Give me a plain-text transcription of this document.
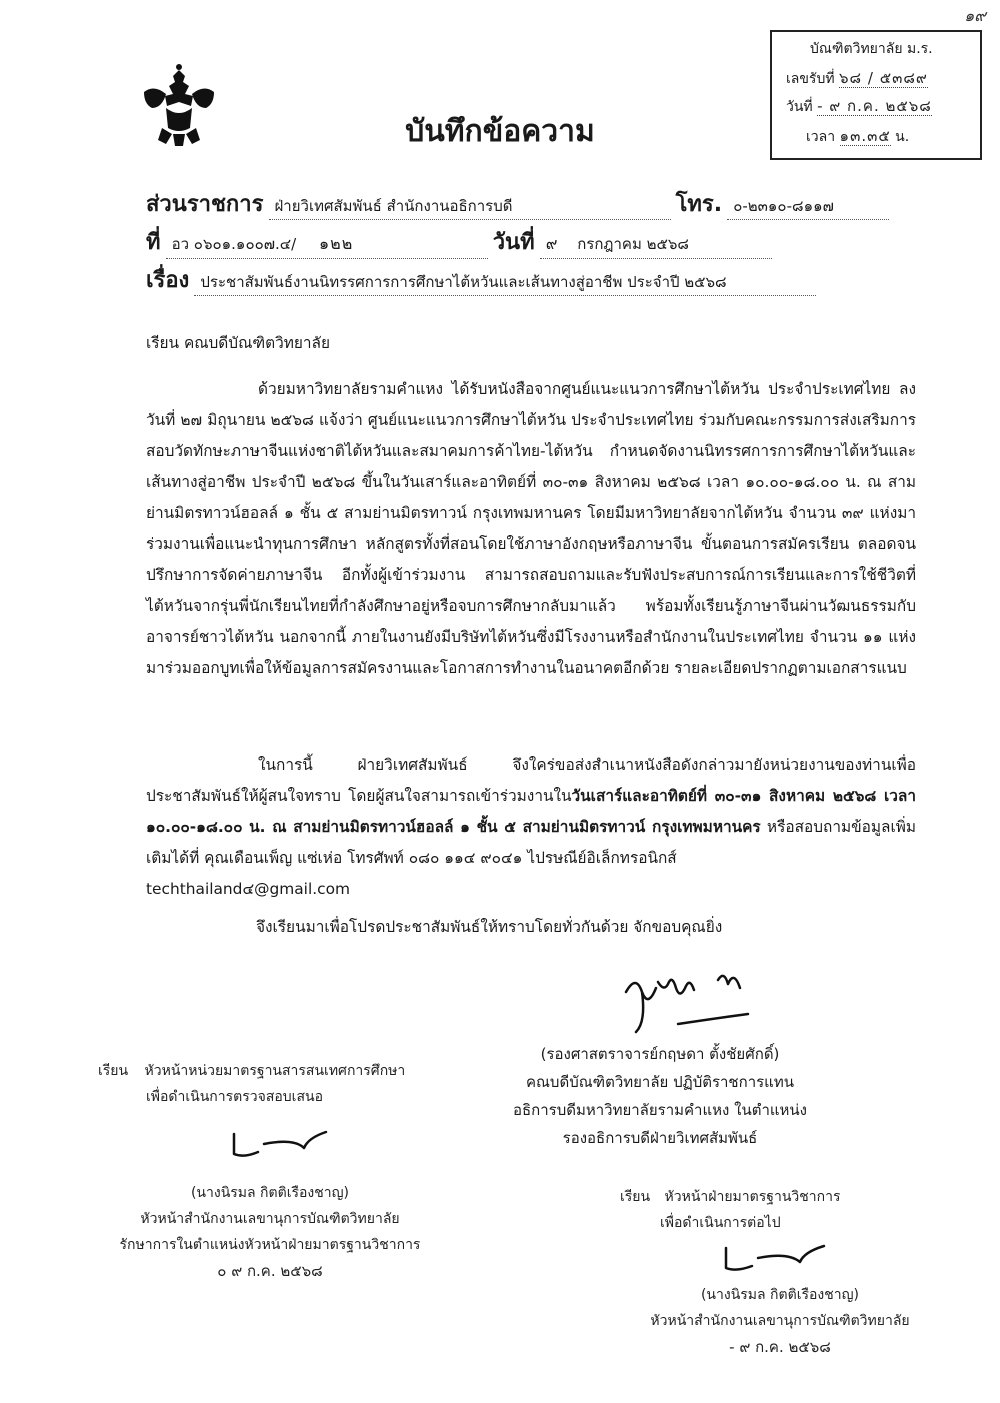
๑๙
บันทึกข้อความ
บัณฑิตวิทยาลัย ม.ร.
เลขรับที่ ๖๘ / ๕๓๘๙
วันที่ - ๙ ก.ค. ๒๕๖๘
เวลา ๑๓.๓๕ น.
ส่วนราชการ ฝ่ายวิเทศสัมพันธ์ สำนักงานอธิการบดี	โทร. ๐-๒๓๑๐-๘๑๑๗
ที่ อว ๐๖๐๑.๑๐๐๗.๔/ ๑๒๒	วันที่ ๙ กรกฎาคม ๒๕๖๘
เรื่อง ประชาสัมพันธ์งานนิทรรศการการศึกษาไต้หวันและเส้นทางสู่อาชีพ ประจำปี ๒๕๖๘
เรียน คณบดีบัณฑิตวิทยาลัย
ด้วยมหาวิทยาลัยรามคำแหง ได้รับหนังสือจากศูนย์แนะแนวการศึกษาไต้หวัน ประจำประเทศไทย ลงวันที่ ๒๗ มิถุนายน ๒๕๖๘ แจ้งว่า ศูนย์แนะแนวการศึกษาไต้หวัน ประจำประเทศไทย ร่วมกับคณะกรรมการส่งเสริมการสอบวัดทักษะภาษาจีนแห่งชาติไต้หวันและสมาคมการค้าไทย-ไต้หวัน กำหนดจัดงานนิทรรศการการศึกษาไต้หวันและเส้นทางสู่อาชีพ ประจำปี ๒๕๖๘ ขึ้นในวันเสาร์และอาทิตย์ที่ ๓๐-๓๑ สิงหาคม ๒๕๖๘ เวลา ๑๐.๐๐-๑๘.๐๐ น. ณ สามย่านมิตรทาวน์ฮอลล์ ๑ ชั้น ๕ สามย่านมิตรทาวน์ กรุงเทพมหานคร โดยมีมหาวิทยาลัยจากไต้หวัน จำนวน ๓๙ แห่งมาร่วมงานเพื่อแนะนำทุนการศึกษา หลักสูตรทั้งที่สอนโดยใช้ภาษาอังกฤษหรือภาษาจีน ขั้นตอนการสมัครเรียน ตลอดจนปรึกษาการจัดค่ายภาษาจีน อีกทั้งผู้เข้าร่วมงาน สามารถสอบถามและรับฟังประสบการณ์การเรียนและการใช้ชีวิตที่ไต้หวันจากรุ่นพี่นักเรียนไทยที่กำลังศึกษาอยู่หรือจบการศึกษากลับมาแล้ว พร้อมทั้งเรียนรู้ภาษาจีนผ่านวัฒนธรรมกับอาจารย์ชาวไต้หวัน นอกจากนี้ ภายในงานยังมีบริษัทไต้หวันซึ่งมีโรงงานหรือสำนักงานในประเทศไทย จำนวน ๑๑ แห่ง มาร่วมออกบูทเพื่อให้ข้อมูลการสมัครงานและโอกาสการทำงานในอนาคตอีกด้วย รายละเอียดปรากฏตามเอกสารแนบ
ในการนี้ ฝ่ายวิเทศสัมพันธ์ จึงใคร่ขอส่งสำเนาหนังสือดังกล่าวมายังหน่วยงานของท่านเพื่อประชาสัมพันธ์ให้ผู้สนใจทราบ โดยผู้สนใจสามารถเข้าร่วมงานในวันเสาร์และอาทิตย์ที่ ๓๐-๓๑ สิงหาคม ๒๕๖๘ เวลา ๑๐.๐๐-๑๘.๐๐ น. ณ สามย่านมิตรทาวน์ฮอลล์ ๑ ชั้น ๕ สามย่านมิตรทาวน์ กรุงเทพมหานคร หรือสอบถามข้อมูลเพิ่มเติมได้ที่ คุณเดือนเพ็ญ แซ่เห่อ โทรศัพท์ ๐๘๐ ๑๑๔ ๙๐๔๑ ไปรษณีย์อิเล็กทรอนิกส์
techthailand๔@gmail.com
จึงเรียนมาเพื่อโปรดประชาสัมพันธ์ให้ทราบโดยทั่วกันด้วย จักขอบคุณยิ่ง
(รองศาสตราจารย์กฤษดา ตั้งชัยศักดิ์)
คณบดีบัณฑิตวิทยาลัย ปฏิบัติราชการแทน
อธิการบดีมหาวิทยาลัยรามคำแหง ในตำแหน่ง
รองอธิการบดีฝ่ายวิเทศสัมพันธ์
เรียน หัวหน้าหน่วยมาตรฐานสารสนเทศการศึกษา
เพื่อดำเนินการตรวจสอบเสนอ
(นางนิรมล กิตติเรืองชาญ)
หัวหน้าสำนักงานเลขานุการบัณฑิตวิทยาลัย
รักษาการในตำแหน่งหัวหน้าฝ่ายมาตรฐานวิชาการ
๐ ๙ ก.ค. ๒๕๖๘
เรียน หัวหน้าฝ่ายมาตรฐานวิชาการ
เพื่อดำเนินการต่อไป
(นางนิรมล กิตติเรืองชาญ)
หัวหน้าสำนักงานเลขานุการบัณฑิตวิทยาลัย
- ๙ ก.ค. ๒๕๖๘
